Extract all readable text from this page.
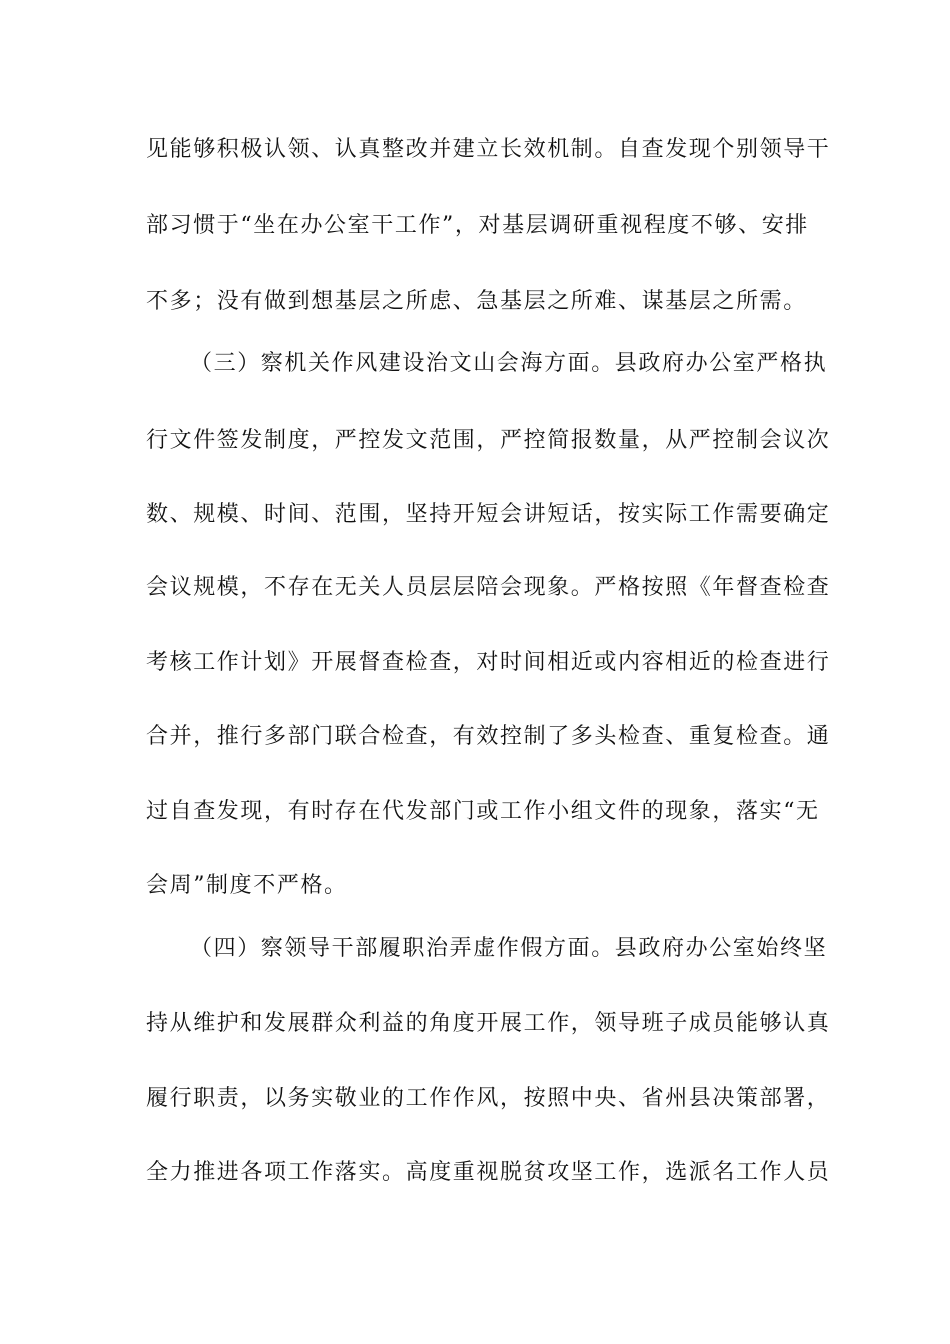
见能够积极认领、认真整改并建立长效机制。自查发现个别领导干
部习惯于“坐在办公室干工作”，对基层调研重视程度不够、安排
不多；没有做到想基层之所虑、急基层之所难、谋基层之所需。
（三）察机关作风建设治文山会海方面。县政府办公室严格执
行文件签发制度，严控发文范围，严控简报数量，从严控制会议次
数、规模、时间、范围，坚持开短会讲短话，按实际工作需要确定
会议规模，不存在无关人员层层陪会现象。严格按照《年督查检查
考核工作计划》开展督查检查，对时间相近或内容相近的检查进行
合并，推行多部门联合检查，有效控制了多头检查、重复检查。通
过自查发现，有时存在代发部门或工作小组文件的现象，落实“无
会周”制度不严格。
（四）察领导干部履职治弄虚作假方面。县政府办公室始终坚
持从维护和发展群众利益的角度开展工作，领导班子成员能够认真
履行职责，以务实敬业的工作作风，按照中央、省州县决策部署，
全力推进各项工作落实。高度重视脱贫攻坚工作，选派名工作人员
